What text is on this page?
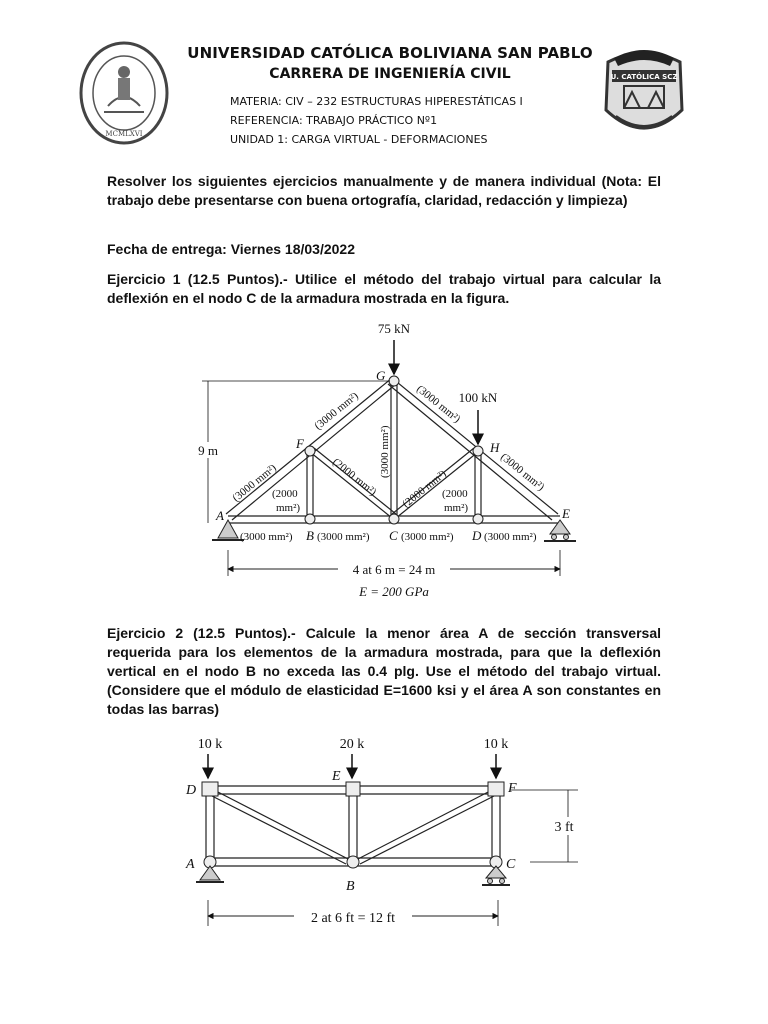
MCMLXVI
U. CATÓLICA SCZ
UNIVERSIDAD CATÓLICA BOLIVIANA SAN PABLO
CARRERA DE INGENIERÍA CIVIL
MATERIA: CIV – 232 ESTRUCTURAS HIPERESTÁTICAS I
REFERENCIA: TRABAJO PRÁCTICO Nº1
UNIDAD 1: CARGA VIRTUAL - DEFORMACIONES
Resolver los siguientes ejercicios manualmente y de manera individual (Nota: El trabajo debe presentarse con buena ortografía, claridad, redacción y limpieza)
Fecha de entrega: Viernes 18/03/2022
Ejercicio 1 (12.5 Puntos).- Utilice el método del trabajo virtual para calcular la deflexión en el nodo C de la armadura mostrada en la figura.
75 kN
100 kN
9 m
4 at 6 m = 24 m
E = 200 GPa
G
F	H
A	E
(3000 mm²) B (3000 mm²) C (3000 mm²) D (3000 mm²)
(3000 mm²)
(3000 mm²)	(3000 mm²)
(3000 mm²)
(3000 mm²)
(2000 mm²) (2000 mm²)
(2000
mm²)
(2000
mm²)
Ejercicio 2 (12.5 Puntos).- Calcule la menor área A de sección transversal requerida para los elementos de la armadura mostrada, para que la deflexión vertical en el nodo B no exceda las 0.4 plg. Use el método del trabajo virtual. (Considere que el módulo de elasticidad E=1600 ksi y el área A son constantes en todas las barras)
10 k	20 k	10 k
D
E
F
A
B
C
3 ft
2 at 6 ft = 12 ft
